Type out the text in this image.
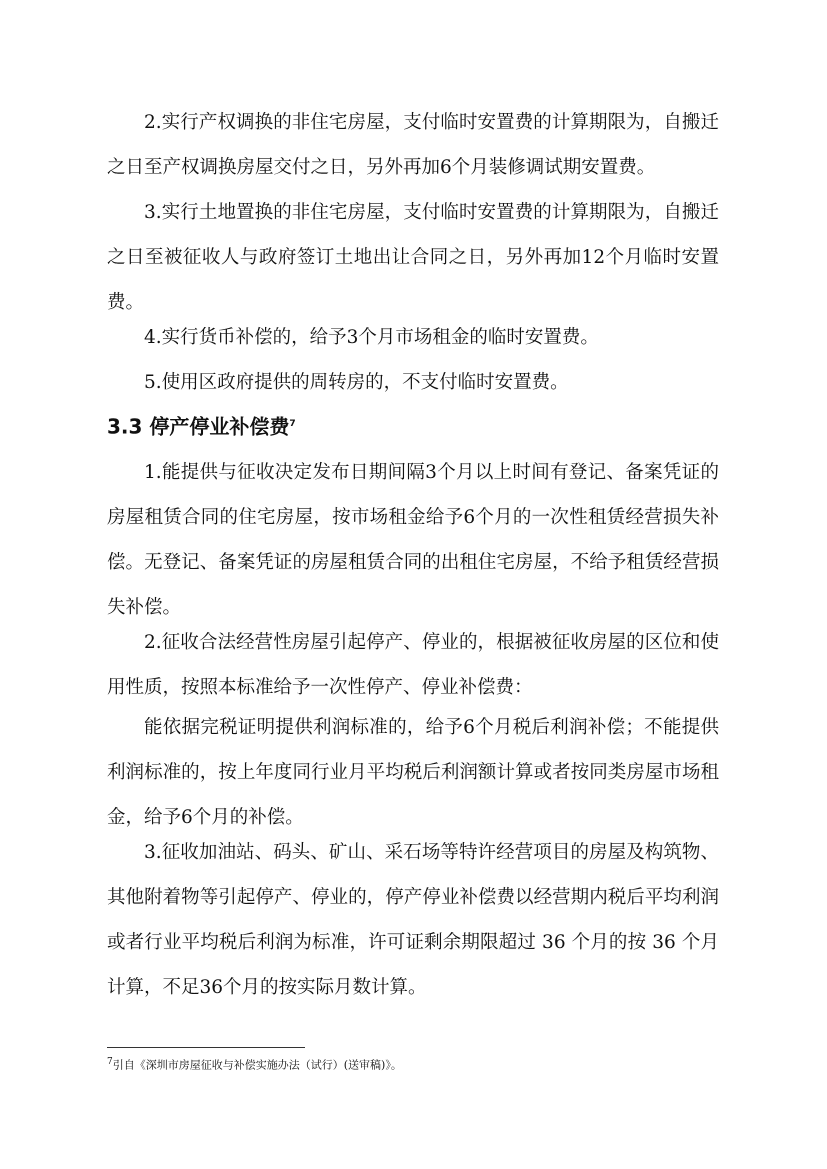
2.实行产权调换的非住宅房屋，支付临时安置费的计算期限为，自搬迁之日至产权调换房屋交付之日，另外再加6个月装修调试期安置费。

3.实行土地置换的非住宅房屋，支付临时安置费的计算期限为，自搬迁之日至被征收人与政府签订土地出让合同之日，另外再加12个月临时安置费。

4.实行货币补偿的，给予3个月市场租金的临时安置费。

5.使用区政府提供的周转房的，不支付临时安置费。

3.3 停产停业补偿费$^7$

1.能提供与征收决定发布日期间隔3个月以上时间有登记、备案凭证的房屋租赁合同的住宅房屋，按市场租金给予6个月的一次性租赁经营损失补偿。无登记、备案凭证的房屋租赁合同的出租住宅房屋，不给予租赁经营损失补偿。

2.征收合法经营性房屋引起停产、停业的，根据被征收房屋的区位和使用性质，按照本标准给予一次性停产、停业补偿费：

能依据完税证明提供利润标准的，给予6个月税后利润补偿；不能提供利润标准的，按上年度同行业月平均税后利润额计算或者按同类房屋市场租金，给予6个月的补偿。

3.征收加油站、码头、矿山、采石场等特许经营项目的房屋及构筑物、其他附着物等引起停产、停业的，停产停业补偿费以经营期内税后平均利润或者行业平均税后利润为标准，许可证剩余期限超过 36 个月的按 36 个月计算，不足36个月的按实际月数计算。

$^7$引自《深圳市房屋征收与补偿实施办法（试行）(送审稿)》。
